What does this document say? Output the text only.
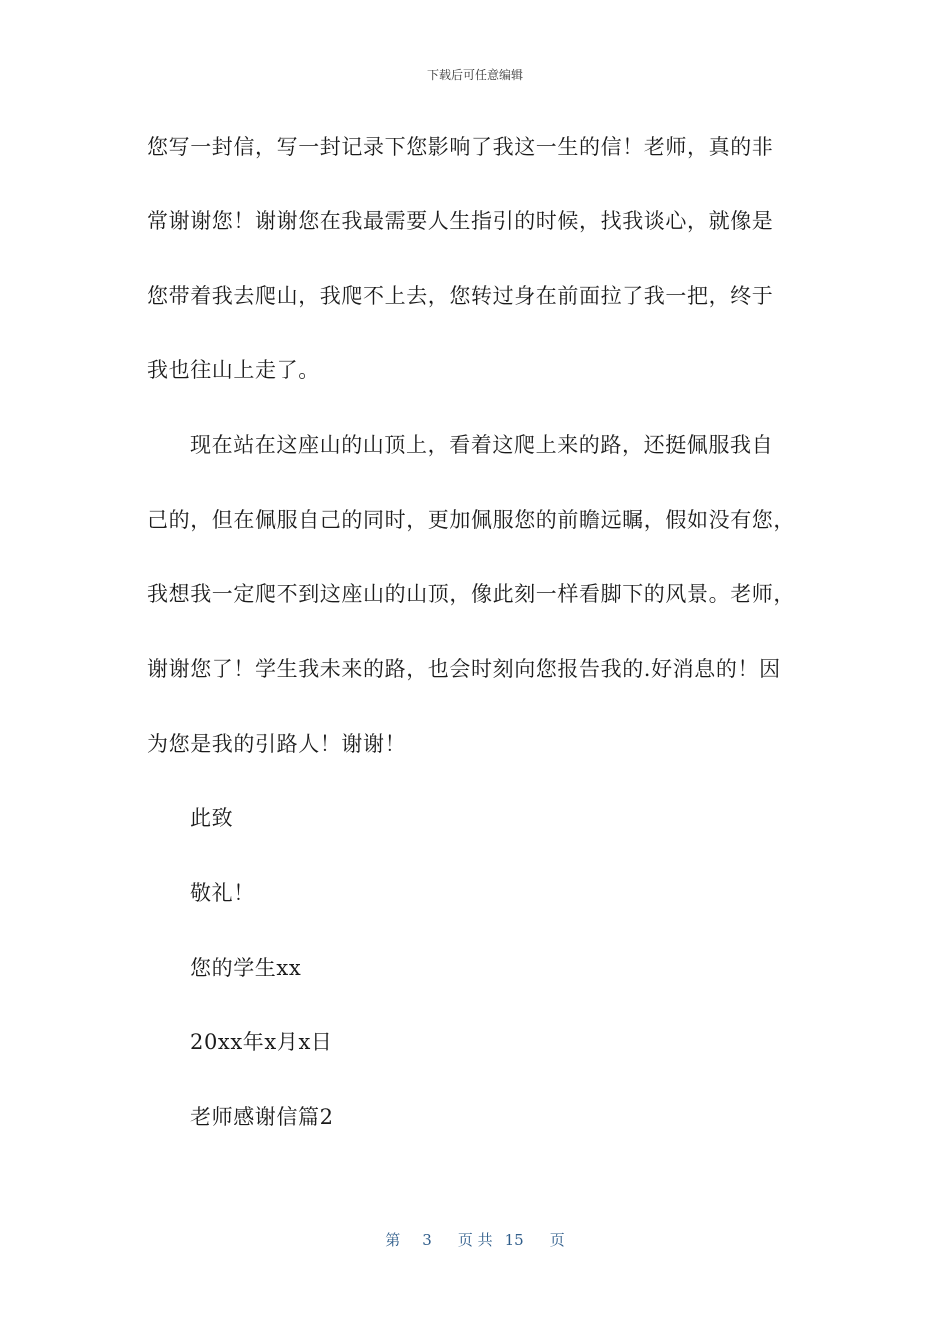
下载后可任意编辑
您写一封信，写一封记录下您影响了我这一生的信！老师，真的非
常谢谢您！谢谢您在我最需要人生指引的时候，找我谈心，就像是
您带着我去爬山，我爬不上去，您转过身在前面拉了我一把，终于
我也往山上走了。
现在站在这座山的山顶上，看着这爬上来的路，还挺佩服我自
己的，但在佩服自己的同时，更加佩服您的前瞻远瞩，假如没有您，
我想我一定爬不到这座山的山顶，像此刻一样看脚下的风景。老师，
谢谢您了！学生我未来的路，也会时刻向您报告我的.好消息的！因
为您是我的引路人！谢谢！
此致
敬礼！
您的学生xx
20xx年x月x日
老师感谢信篇2
第 3 页 共 15 页
